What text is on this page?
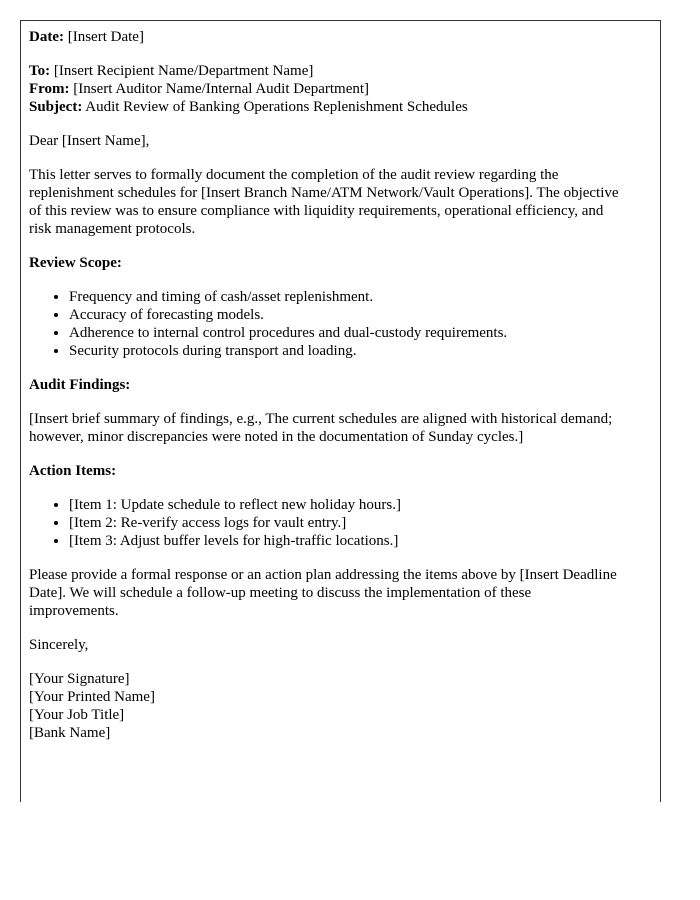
Date: [Insert Date]

To: [Insert Recipient Name/Department Name]
From: [Insert Auditor Name/Internal Audit Department]
Subject: Audit Review of Banking Operations Replenishment Schedules

Dear [Insert Name],

This letter serves to formally document the completion of the audit review regarding the replenishment schedules for [Insert Branch Name/ATM Network/Vault Operations]. The objective of this review was to ensure compliance with liquidity requirements, operational efficiency, and risk management protocols.

Review Scope:
• Frequency and timing of cash/asset replenishment.
• Accuracy of forecasting models.
• Adherence to internal control procedures and dual-custody requirements.
• Security protocols during transport and loading.
Audit Findings:

[Insert brief summary of findings, e.g., The current schedules are aligned with historical demand; however, minor discrepancies were noted in the documentation of Sunday cycles.]

Action Items:
• [Item 1: Update schedule to reflect new holiday hours.]
• [Item 2: Re-verify access logs for vault entry.]
• [Item 3: Adjust buffer levels for high-traffic locations.]

Please provide a formal response or an action plan addressing the items above by [Insert Deadline Date]. We will schedule a follow-up meeting to discuss the implementation of these improvements.

Sincerely,

[Your Signature]
[Your Printed Name]
[Your Job Title]
[Bank Name]
